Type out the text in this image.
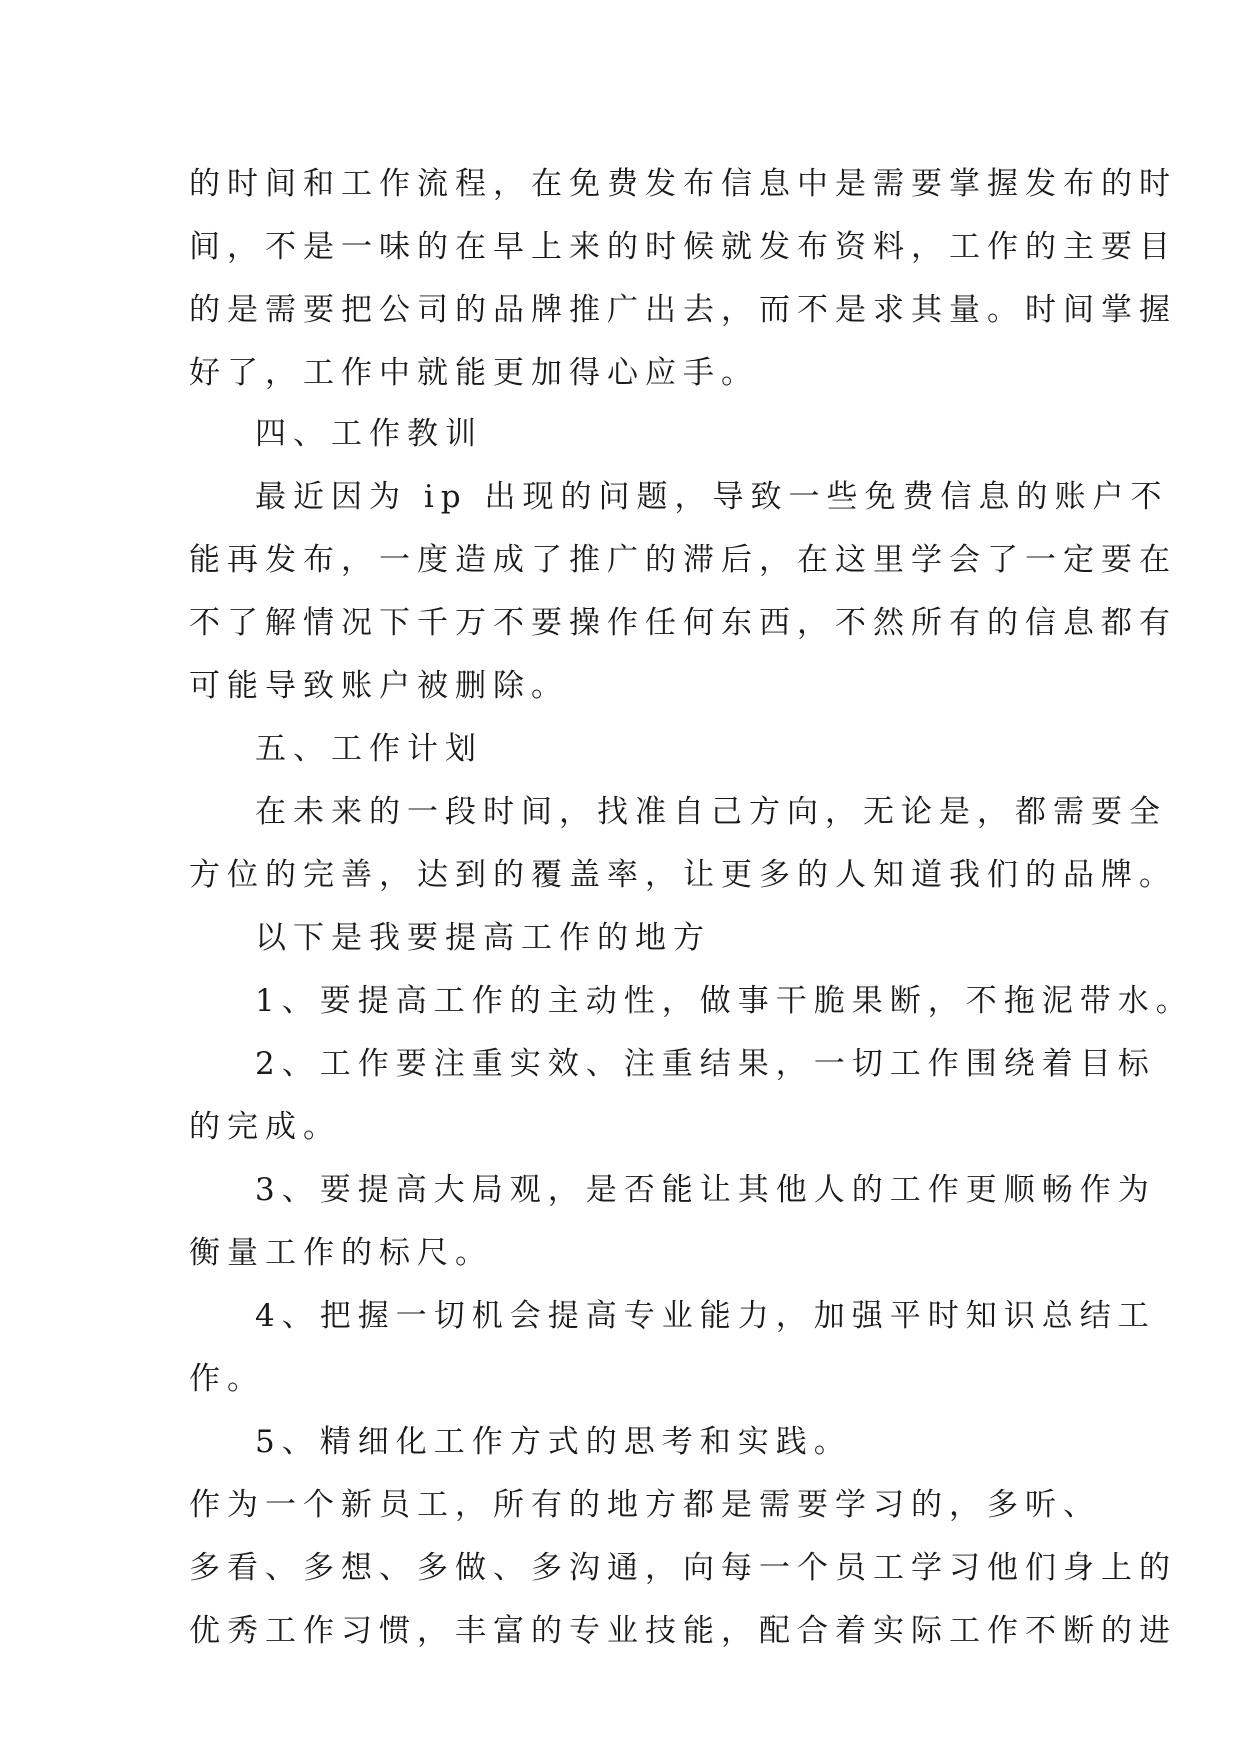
的时间和工作流程，在免费发布信息中是需要掌握发布的时

间，不是一味的在早上来的时候就发布资料，工作的主要目

的是需要把公司的品牌推广出去，而不是求其量。时间掌握

好了，工作中就能更加得心应手。

四、工作教训

最近因为 ip 出现的问题，导致一些免费信息的账户不

能再发布，一度造成了推广的滞后，在这里学会了一定要在

不了解情况下千万不要操作任何东西，不然所有的信息都有

可能导致账户被删除。

五、工作计划

在未来的一段时间，找准自己方向，无论是，都需要全

方位的完善，达到的覆盖率，让更多的人知道我们的品牌。

以下是我要提高工作的地方

1、要提高工作的主动性，做事干脆果断，不拖泥带水。

2、工作要注重实效、注重结果，一切工作围绕着目标

的完成。

3、要提高大局观，是否能让其他人的工作更顺畅作为

衡量工作的标尺。

4、把握一切机会提高专业能力，加强平时知识总结工

作。

5、精细化工作方式的思考和实践。

作为一个新员工，所有的地方都是需要学习的，多听、

多看、多想、多做、多沟通，向每一个员工学习他们身上的

优秀工作习惯，丰富的专业技能，配合着实际工作不断的进
